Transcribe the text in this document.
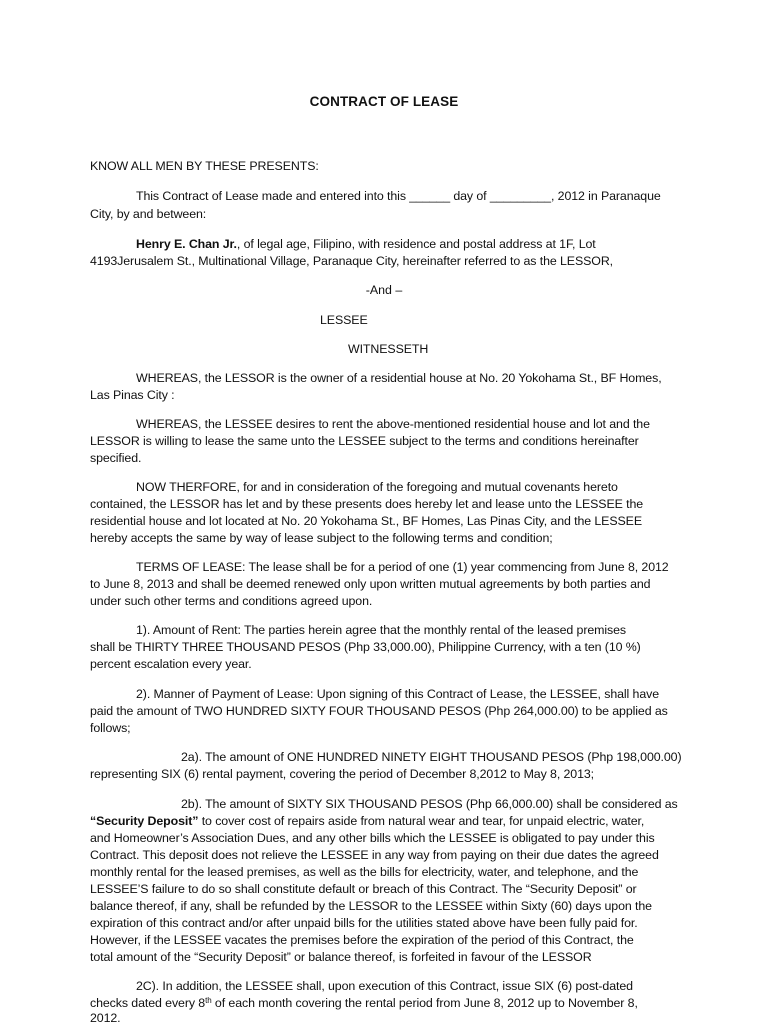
CONTRACT OF LEASE
KNOW ALL MEN BY THESE PRESENTS:
This Contract of Lease made and entered into this ______ day of _________, 2012 in Paranaque
City, by and between:
Henry E. Chan Jr., of legal age, Filipino, with residence and postal address at 1F, Lot
4193Jerusalem St., Multinational Village, Paranaque City, hereinafter referred to as the LESSOR,
-And –
LESSEE
WITNESSETH
WHEREAS, the LESSOR is the owner of a residential house at No. 20 Yokohama St., BF Homes,
Las Pinas City :
WHEREAS, the LESSEE desires to rent the above-mentioned residential house and lot and the
LESSOR is willing to lease the same unto the LESSEE subject to the terms and conditions hereinafter
specified.
NOW THERFORE, for and in consideration of the foregoing and mutual covenants hereto
contained, the LESSOR has let and by these presents does hereby let and lease unto the LESSEE the
residential house and lot located at No. 20 Yokohama St., BF Homes, Las Pinas City, and the LESSEE
hereby accepts the same by way of lease subject to the following terms and condition;
TERMS OF LEASE: The lease shall be for a period of one (1) year commencing from June 8, 2012
to June 8, 2013 and shall be deemed renewed only upon written mutual agreements by both parties and
under such other terms and conditions agreed upon.
1). Amount of Rent: The parties herein agree that the monthly rental of the leased premises
shall be THIRTY THREE THOUSAND PESOS (Php 33,000.00), Philippine Currency, with a ten (10 %)
percent escalation every year.
2). Manner of Payment of Lease: Upon signing of this Contract of Lease, the LESSEE, shall have
paid the amount of TWO HUNDRED SIXTY FOUR THOUSAND PESOS (Php 264,000.00) to be applied as
follows;
2a). The amount of ONE HUNDRED NINETY EIGHT THOUSAND PESOS (Php 198,000.00)
representing SIX (6) rental payment, covering the period of December 8,2012 to May 8, 2013;
2b). The amount of SIXTY SIX THOUSAND PESOS (Php 66,000.00) shall be considered as
“Security Deposit” to cover cost of repairs aside from natural wear and tear, for unpaid electric, water,
and Homeowner’s Association Dues, and any other bills which the LESSEE is obligated to pay under this
Contract. This deposit does not relieve the LESSEE in any way from paying on their due dates the agreed
monthly rental for the leased premises, as well as the bills for electricity, water, and telephone, and the
LESSEE’S failure to do so shall constitute default or breach of this Contract. The “Security Deposit” or
balance thereof, if any, shall be refunded by the LESSOR to the LESSEE within Sixty (60) days upon the
expiration of this contract and/or after unpaid bills for the utilities stated above have been fully paid for.
However, if the LESSEE vacates the premises before the expiration of the period of this Contract, the
total amount of the “Security Deposit” or balance thereof, is forfeited in favour of the LESSOR
2C). In addition, the LESSEE shall, upon execution of this Contract, issue SIX (6) post-dated
checks dated every 8th of each month covering the rental period from June 8, 2012 up to November 8,
2012.
